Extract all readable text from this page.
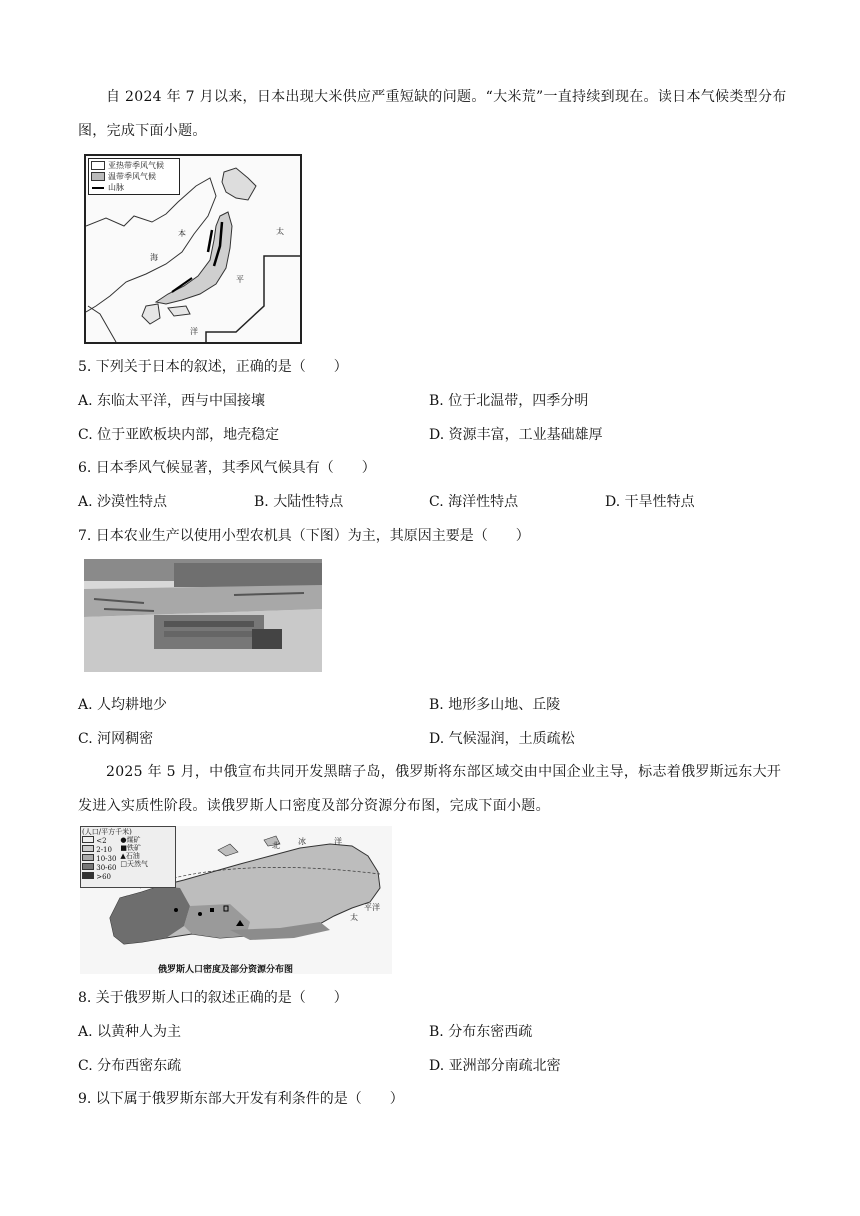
自 2024 年 7 月以来，日本出现大米供应严重短缺的问题。“大米荒”一直持续到现在。读日本气候类型分布图，完成下面小题。
亚热带季风气候
温带季风气候
山脉
太
平
洋
本
海
5. 下列关于日本的叙述，正确的是（　　）
A. 东临太平洋，西与中国接壤	B. 位于北温带，四季分明
C. 位于亚欧板块内部，地壳稳定	D. 资源丰富，工业基础雄厚
6. 日本季风气候显著，其季风气候具有（　　）
A. 沙漠性特点	B. 大陆性特点	C. 海洋性特点	D. 干旱性特点
7. 日本农业生产以使用小型农机具（下图）为主，其原因主要是（　　）
A. 人均耕地少	B. 地形多山地、丘陵
C. 河网稠密	D. 气候湿润，土质疏松
2025 年 5 月，中俄宣布共同开发黑瞎子岛，俄罗斯将东部区域交由中国企业主导，标志着俄罗斯远东大开发进入实质性阶段。读俄罗斯人口密度及部分资源分布图，完成下面小题。
(人口/平方千米)
<2
2-10
10-30
30-60
>60
●煤矿
■铁矿
▲石油
□天然气
北 冰	洋
太
平洋
俄罗斯人口密度及部分资源分布图
8. 关于俄罗斯人口的叙述正确的是（　　）
A. 以黄种人为主	B. 分布东密西疏
C. 分布西密东疏	D. 亚洲部分南疏北密
9. 以下属于俄罗斯东部大开发有利条件的是（　　）
